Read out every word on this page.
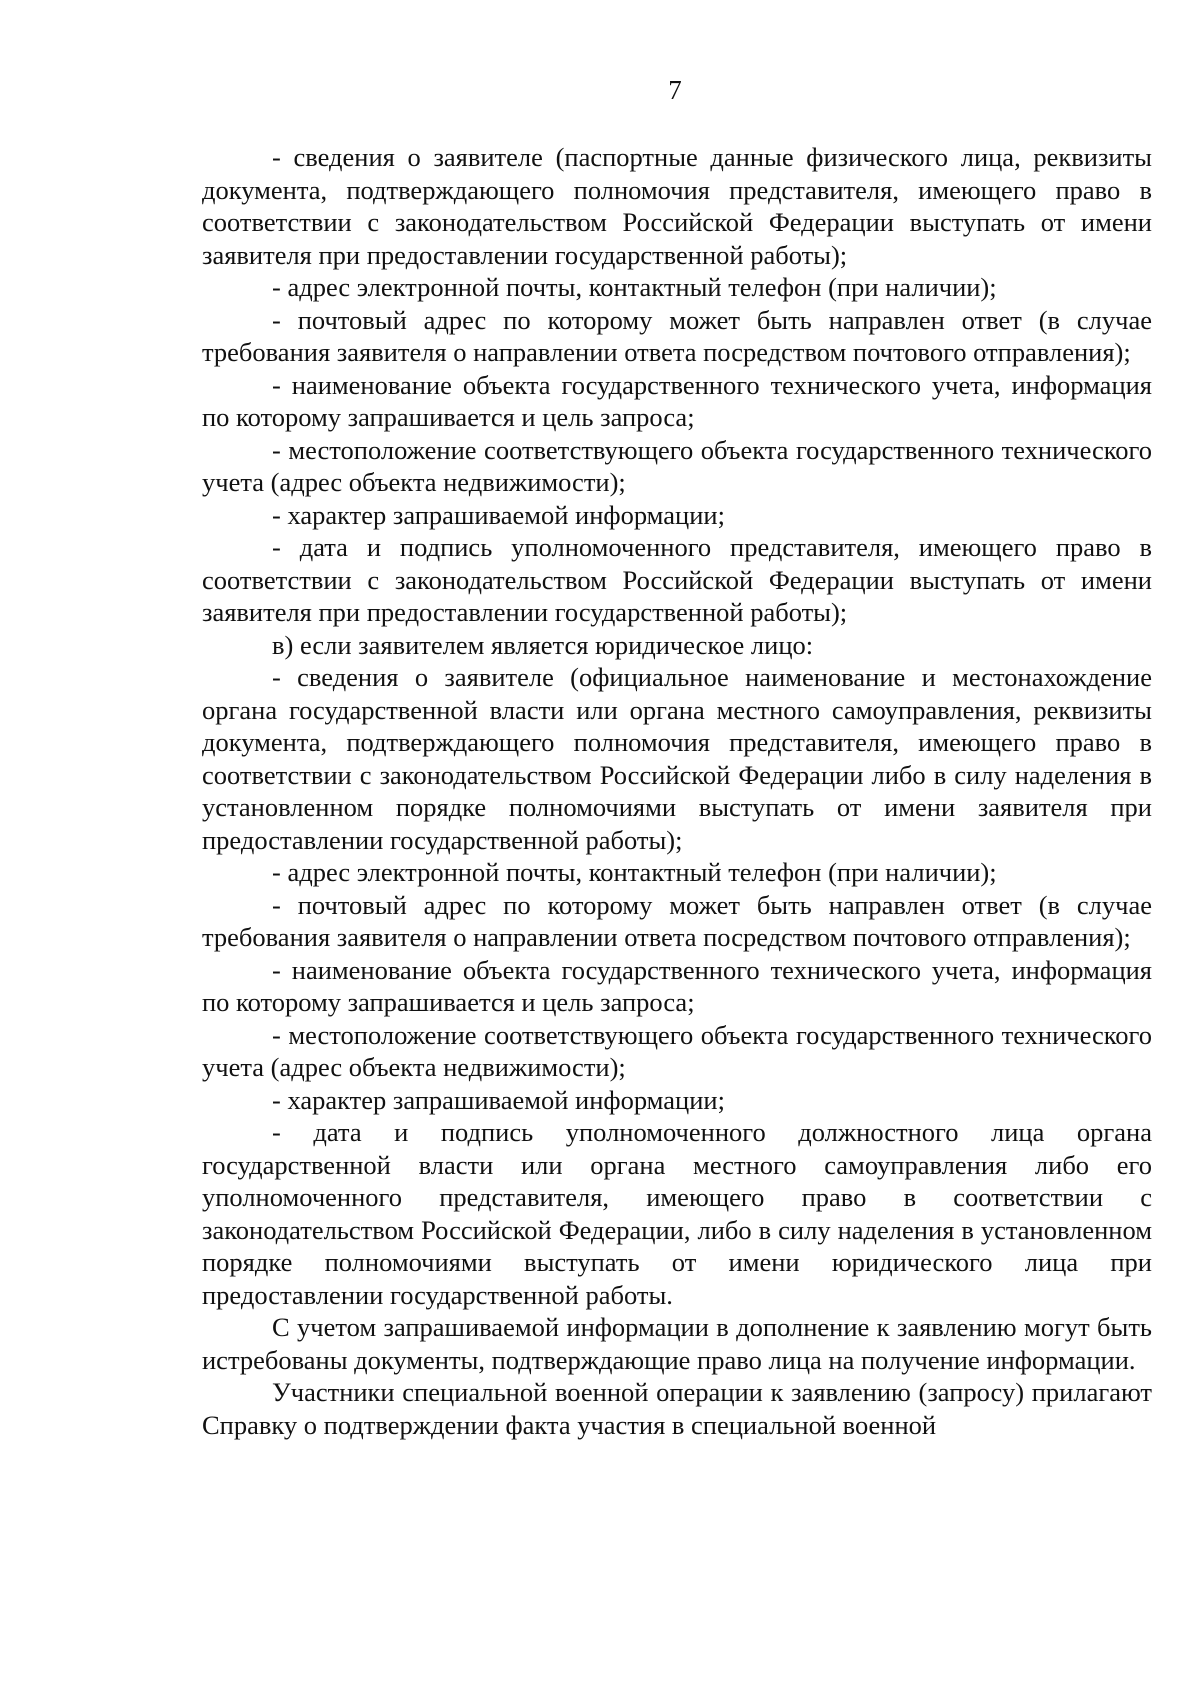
7

- сведения о заявителе (паспортные данные физического лица, реквизиты документа, подтверждающего полномочия представителя, имеющего право в соответствии с законодательством Российской Федерации выступать от имени заявителя при предоставлении государственной работы);

- адрес электронной почты, контактный телефон (при наличии);

- почтовый адрес по которому может быть направлен ответ (в случае требования заявителя о направлении ответа посредством почтового отправления);

- наименование объекта государственного технического учета, информация по которому запрашивается и цель запроса;

- местоположение соответствующего объекта государственного технического учета (адрес объекта недвижимости);

- характер запрашиваемой информации;

- дата и подпись уполномоченного представителя, имеющего право в соответствии с законодательством Российской Федерации выступать от имени заявителя при предоставлении государственной работы);

в) если заявителем является юридическое лицо:

- сведения о заявителе (официальное наименование и местонахождение органа государственной власти или органа местного самоуправления, реквизиты документа, подтверждающего полномочия представителя, имеющего право в соответствии с законодательством Российской Федерации либо в силу наделения в установленном порядке полномочиями выступать от имени заявителя при предоставлении государственной работы);

- адрес электронной почты, контактный телефон (при наличии);

- почтовый адрес по которому может быть направлен ответ (в случае требования заявителя о направлении ответа посредством почтового отправления);

- наименование объекта государственного технического учета, информация по которому запрашивается и цель запроса;

- местоположение соответствующего объекта государственного технического учета (адрес объекта недвижимости);

- характер запрашиваемой информации;

- дата и подпись уполномоченного должностного лица органа государственной власти или органа местного самоуправления либо его уполномоченного представителя, имеющего право в соответствии с законодательством Российской Федерации, либо в силу наделения в установленном порядке полномочиями выступать от имени юридического лица при предоставлении государственной работы.

С учетом запрашиваемой информации в дополнение к заявлению могут быть истребованы документы, подтверждающие право лица на получение информации.

Участники специальной военной операции к заявлению (запросу) прилагают Справку о подтверждении факта участия в специальной военной
